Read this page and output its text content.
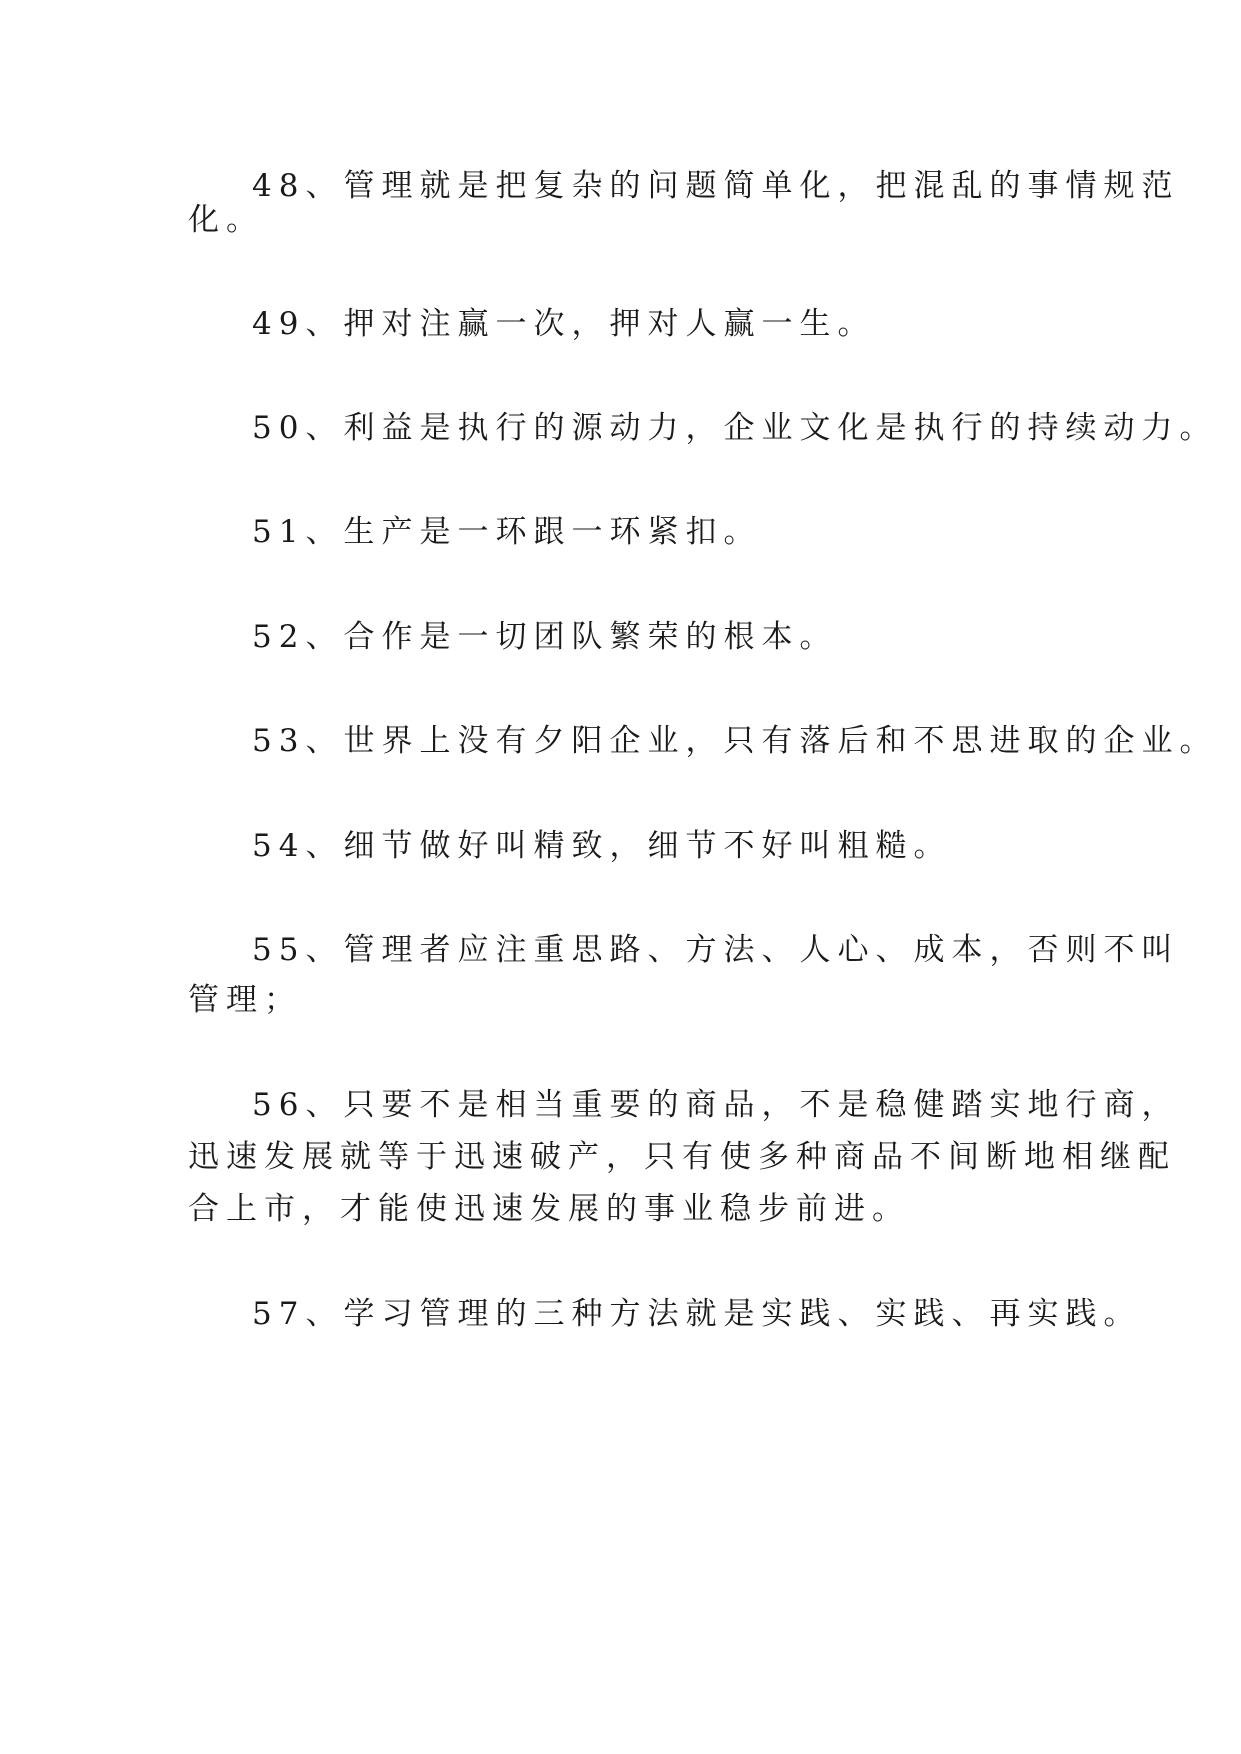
48、管理就是把复杂的问题简单化，把混乱的事情规范
化。
49、押对注赢一次，押对人赢一生。
50、利益是执行的源动力，企业文化是执行的持续动力。
51、生产是一环跟一环紧扣。
52、合作是一切团队繁荣的根本。
53、世界上没有夕阳企业，只有落后和不思进取的企业。
54、细节做好叫精致，细节不好叫粗糙。
55、管理者应注重思路、方法、人心、成本，否则不叫
管理；
56、只要不是相当重要的商品，不是稳健踏实地行商，
迅速发展就等于迅速破产，只有使多种商品不间断地相继配
合上市，才能使迅速发展的事业稳步前进。
57、学习管理的三种方法就是实践、实践、再实践。
